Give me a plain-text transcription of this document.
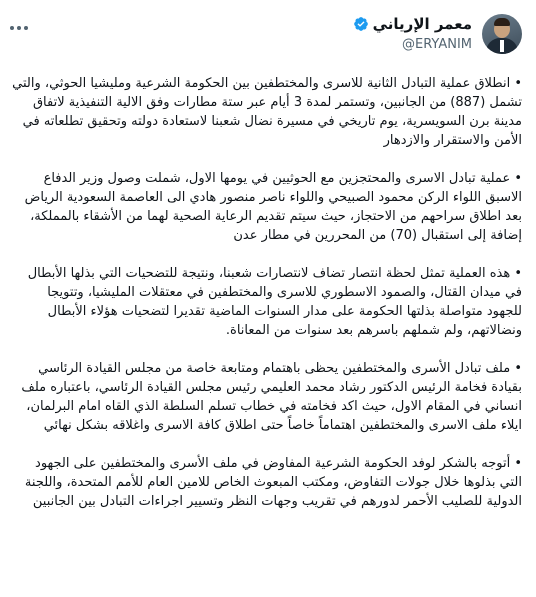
معمر الإرياني
@ERYANIM

• انطلاق عملية التبادل الثانية للاسرى والمختطفين بين الحكومة الشرعية ومليشيا الحوثي، والتي تشمل (887) من الجانبين، وتستمر لمدة 3 أيام عبر ستة مطارات وفق الالية التنفيذية لاتفاق مدينة برن السويسرية، يوم تاريخي في مسيرة نضال شعبنا لاستعادة دولته وتحقيق تطلعاته في الأمن والاستقرار والازدهار

• عملية تبادل الاسرى والمحتجزين مع الحوثيين في يومها الاول، شملت وصول وزير الدفاع الاسبق اللواء الركن محمود الصبيحي واللواء ناصر منصور هادي الى العاصمة السعودية الرياض بعد اطلاق سراحهم من الاحتجاز، حيث سيتم تقديم الرعاية الصحية لهما من الأشقاء بالمملكة، إضافة إلى استقبال (70) من المحررين في مطار عدن

• هذه العملية تمثل لحظة انتصار تضاف لانتصارات شعبنا، ونتيجة للتضحيات التي بذلها الأبطال في ميدان القتال، والصمود الاسطوري للاسرى والمختطفين في معتقلات المليشيا، وتتويجا للجهود متواصلة بذلتها الحكومة على مدار السنوات الماضية تقديرا لتضحيات هؤلاء الأبطال ونضالاتهم، ولم شملهم باسرهم بعد سنوات من المعاناة.

• ملف تبادل الأسرى والمختطفين يحظى باهتمام ومتابعة خاصة من مجلس القيادة الرئاسي بقيادة فخامة الرئيس الدكتور رشاد محمد العليمي رئيس مجلس القيادة الرئاسي، باعتباره ملف انساني في المقام الاول، حيث اكد فخامته في خطاب تسلم السلطة الذي القاه امام البرلمان، ايلاء ملف الاسرى والمختطفين اهتماماً خاصاً حتى اطلاق كافة الاسرى واغلاقه بشكل نهائي

• أتوجه بالشكر لوفد الحكومة الشرعية المفاوض في ملف الأسرى والمختطفين على الجهود التي بذلوها خلال جولات التفاوض، ومكتب المبعوث الخاص للامين العام للأمم المتحدة، واللجنة الدولية للصليب الأحمر لدورهم في تقريب وجهات النظر وتسيير اجراءات التبادل بين الجانبين
